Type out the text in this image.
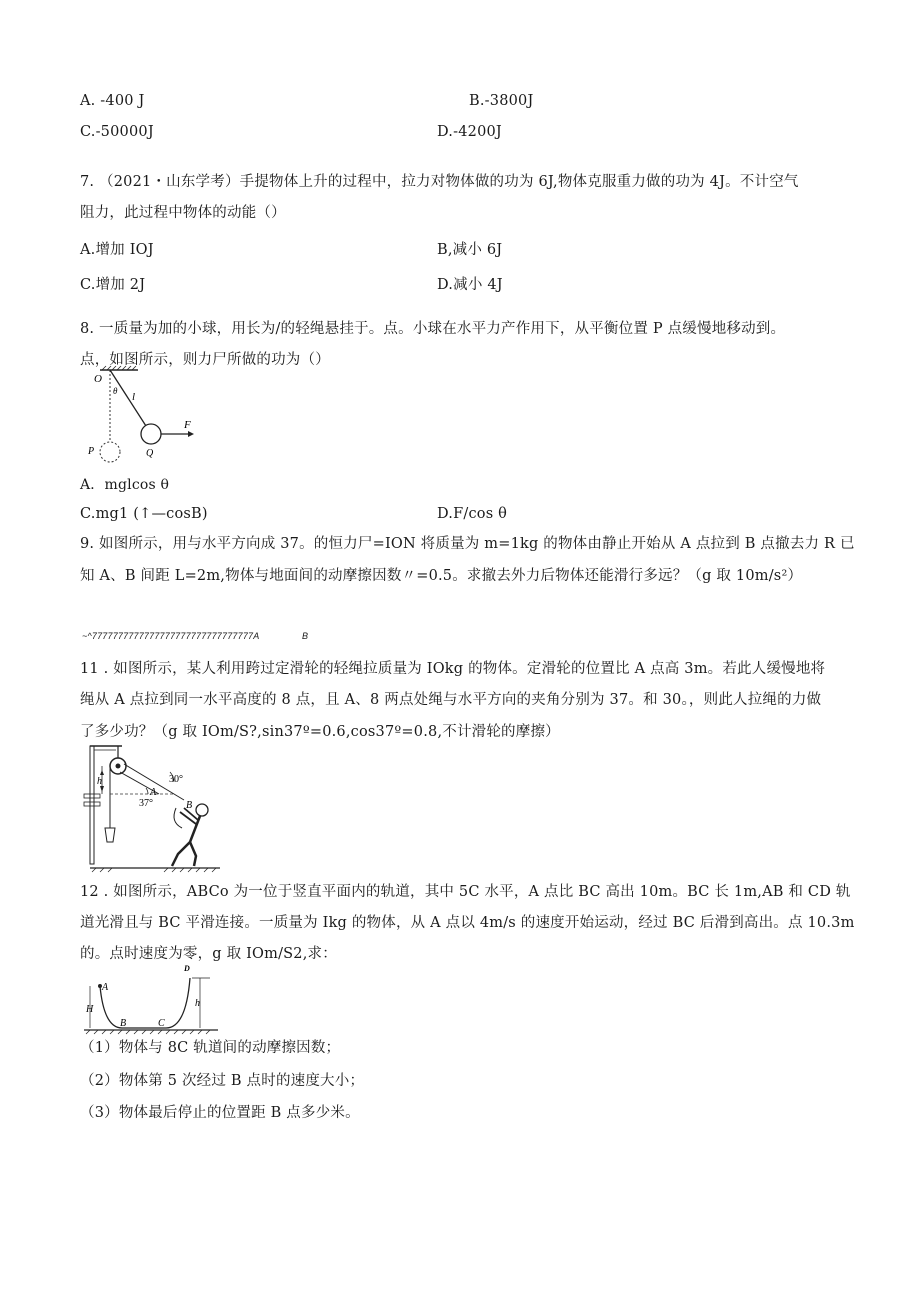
A. -400 J	B.-3800J
C.-50000J	D.-4200J
7. （2021・山东学考）手提物体上升的过程中，拉力对物体做的功为 6J,物体克服重力做的功为 4J。不计空气
阻力，此过程中物体的动能（）
A.增加 IOJ	B,减小 6J
C.增加 2J	D.减小 4J
8. 一质量为加的小球，用长为/的轻绳悬挂于。点。小球在水平力产作用下，从平衡位置 P 点缓慢地移动到。
点，如图所示，则力尸所做的功为（）
O
θ l
F
P	Q
A．mglcos θ
C.mg1 (↑—cosB)	D.F/cos θ
9. 如图所示，用与水平方向成 37。的恒力尸=ION 将质量为 m=1kg 的物体由静止开始从 A 点拉到 B 点撤去力 R 已
知 A、B 间距 L=2m,物体与地面间的动摩擦因数〃=0.5。求撤去外力后物体还能滑行多远？（g 取 10m/s²）
~^7777777777777777777777777777777A	B
11 . 如图所示，某人利用跨过定滑轮的轻绳拉质量为 IOkg 的物体。定滑轮的位置比 A 点高 3m。若此人缓慢地将
绳从 A 点拉到同一水平高度的 8 点，且 A、8 两点处绳与水平方向的夹角分别为 37。和 30。，则此人拉绳的力做
了多少功？（g 取 IOm/S?,sin37º=0.6,cos37º=0.8,不计滑轮的摩擦）
h	30°
37°
A
B
12 . 如图所示，ABCo 为一位于竖直平面内的轨道，其中 5C 水平，A 点比 BC 高出 10m。BC 长 1m,AB 和 CD 轨
道光滑且与 BC 平滑连接。一质量为 Ikg 的物体，从 A 点以 4m/s 的速度开始运动，经过 BC 后滑到高出。点 10.3m
的。点时速度为零，g 取 IOm/S2,求：
A
H
B	C
D
h
（1）物体与 8C 轨道间的动摩擦因数；
（2）物体第 5 次经过 B 点时的速度大小；
（3）物体最后停止的位置距 B 点多少米。
